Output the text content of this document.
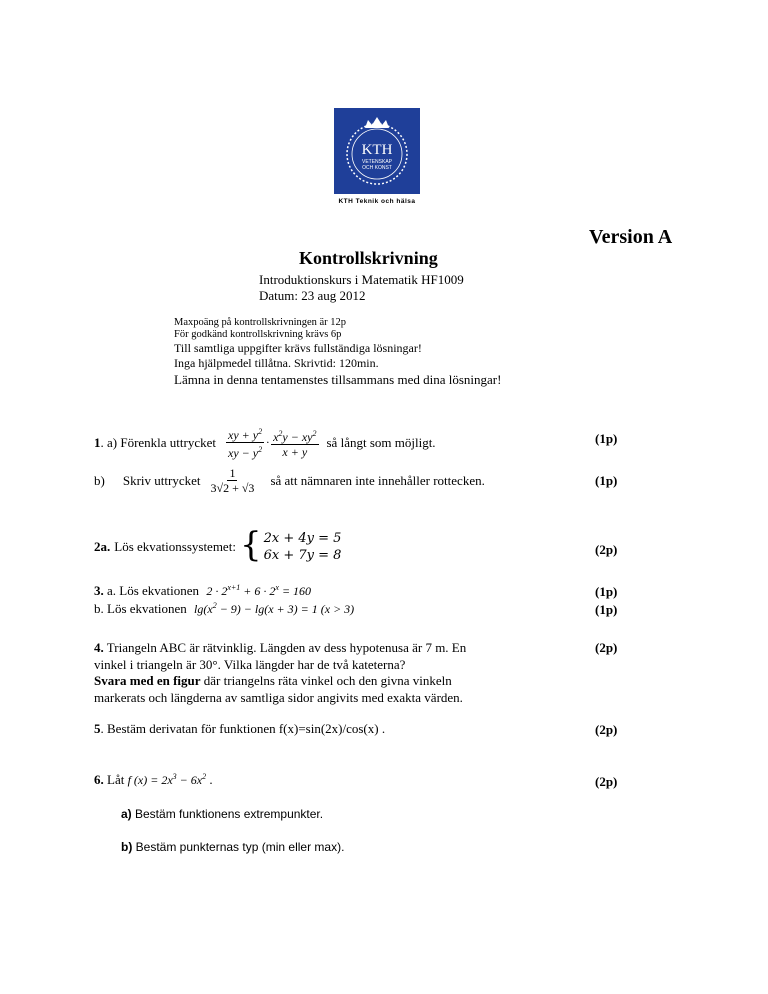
KTH
VETENSKAP
OCH KONST
KTH Teknik och hälsa
Version A
Kontrollskrivning
Introduktionskurs i Matematik HF1009
Datum: 23 aug 2012
Maxpoäng på kontrollskrivningen är 12p
För godkänd kontrollskrivning krävs 6p
Till samtliga uppgifter krävs fullständiga lösningar!
Inga hjälpmedel tillåtna. Skrivtid: 120min.
Lämna in denna tentamenstes tillsammans med dina lösningar!
1 . a) Förenkla uttrycket $\frac{xy + y^2}{xy - y^2} \cdot \frac{x^2y - xy^2}{x + y}$ så långt som möjligt.	(1p)
b) Skriv uttrycket $\frac{1}{3√2 + √3}$ så att nämnaren inte innehåller rottecken.	(1p)
2a. Lös ekvationssystemet: { 2x + 4y = 5
6x + 7y = 8	(2p)
3. a. Lös ekvationen $2 \cdot 2^{x+1} + 6 \cdot 2^x = 160$	(1p)
b. Lös ekvationen $\lg(x^2 - 9) - \lg(x + 3) = 1$ (x > 3)	(1p)
4. Triangeln ABC är rätvinklig. Längden av dess hypotenusa är 7 m. En
vinkel i triangeln är 30°. Vilka längder har de två kateterna?
Svara med en figur där triangelns räta vinkel och den givna vinkeln
markerats och längderna av samtliga sidor angivits med exakta värden.
(2p)
5. Bestäm derivatan för funktionen f(x)=sin(2x)/cos(x) .	(2p)
6. Låt f $(x) = 2x^3 - 6x^2$ .	(2p)
a) Bestäm funktionens extrempunkter.
b) Bestäm punkternas typ (min eller max).
